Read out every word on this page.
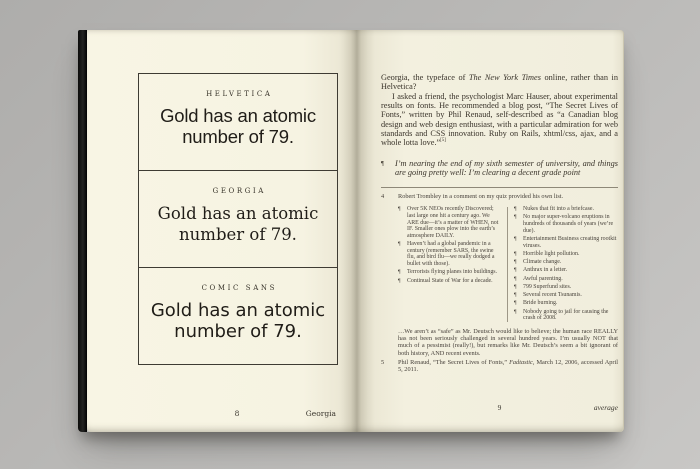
HELVETICA
Gold has an atomic
number of 79.
GEORGIA
Gold has an atomic
number of 79.
COMIC SANS
Gold has an atomic
number of 79.
8	Georgia

Georgia, the typeface of The New York Times online, rather than in Helvetica?

I asked a friend, the psychologist Marc Hauser, about experimental results on fonts. He recommended a blog post, “The Secret Lives of Fonts,” written by Phil Renaud, self-described as “a Canadian blog design and web design enthusiast, with a particular admiration for web standards and CSS innovation. Ruby on Rails, xhtml/css, ajax, and a whole lotta love.”[5]

¶ I’m nearing the end of my sixth semester of university, and things are going pretty well: I’m clearing a decent grade point
4	Robert Trombley in a comment on my quiz provided his own list.

¶ Over 5K NEOs recently Discovered; last large one hit a century ago. We ARE due—it’s a matter of WHEN, not IF. Smaller ones plow into the earth’s atmosphere DAILY.
¶ Haven’t had a global pandemic in a century (remember SARS, the swine flu, and bird flu—we really dodged a bullet with those).
¶ Terrorists flying planes into buildings.
¶ Continual State of War for a decade.
¶ Nukes that fit into a briefcase.
¶ No major super-volcano eruptions in hundreds of thousands of years (we’re due).
¶ Entertainment Business creating rootkit viruses.
¶ Horrible light pollution.
¶ Climate change.
¶ Anthrax in a letter.
¶ Awful parenting.
¶ 799 Superfund sites.
¶ Several recent Tsunamis.
¶ Bride burning.
¶ Nobody going to jail for causing the crash of 2008.

…We aren’t as “safe” as Mr. Deutsch would like to believe; the human race REALLY has not been seriously challenged in several hundred years. I’m usually NOT that much of a pessimist (really!), but remarks like Mr. Deutsch’s seem a bit ignorant of both history, AND recent events.

5	Phil Renaud, “The Secret Lives of Fonts,” Fadtastic, March 12, 2006, accessed April 5, 2011.

9	average
